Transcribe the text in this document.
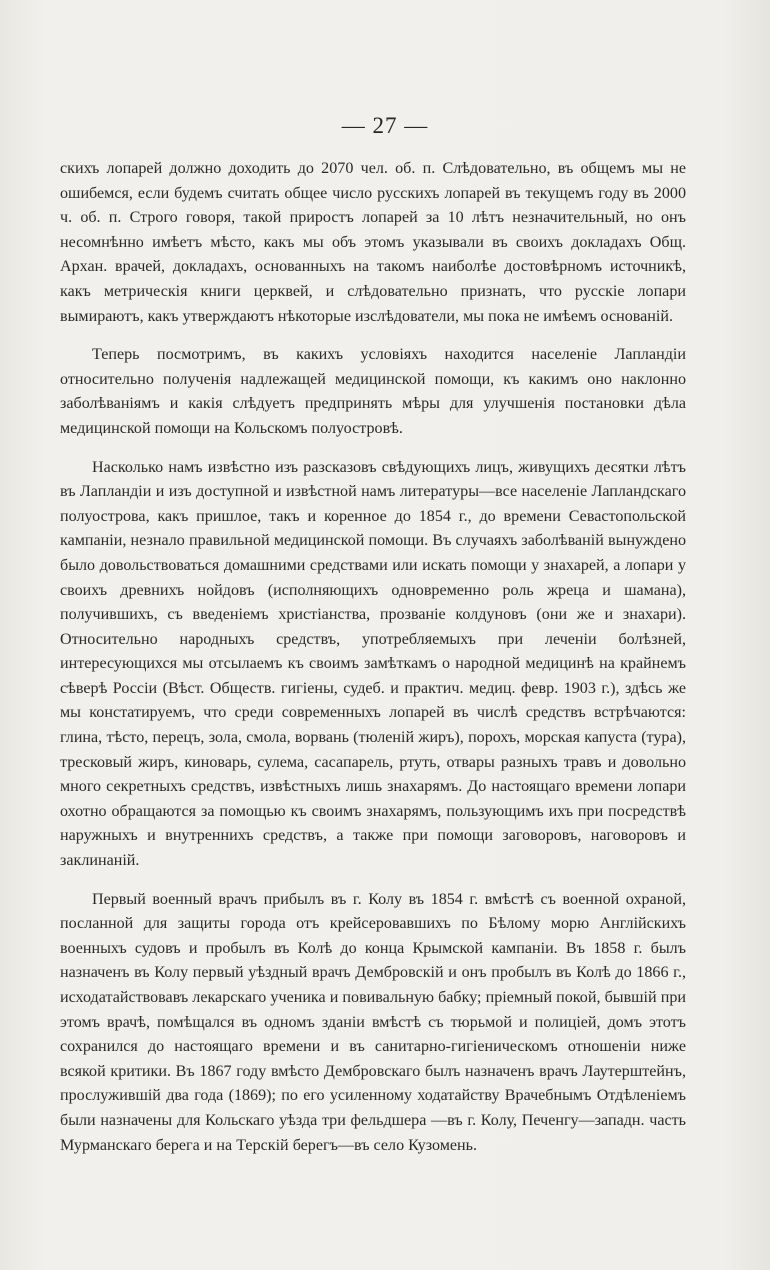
— 27 —

скихъ лопарей должно доходить до 2070 чел. об. п. Слѣдовательно, въ общемъ мы не ошибемся, если будемъ считать общее число русскихъ лопарей въ текущемъ году въ 2000 ч. об. п. Строго говоря, такой приростъ лопарей за 10 лѣтъ незначительный, но онъ несомнѣнно имѣетъ мѣсто, какъ мы объ этомъ указывали въ своихъ докладахъ Общ. Архан. врачей, докладахъ, основанныхъ на такомъ наиболѣе достовѣрномъ источникѣ, какъ метрическія книги церквей, и слѣдовательно признать, что русскіе лопари вымираютъ, какъ утверждаютъ нѣкоторые изслѣдователи, мы пока не имѣемъ основаній.

Теперь посмотримъ, въ какихъ условіяхъ находится населеніе Лапландіи относительно полученія надлежащей медицинской помощи, къ какимъ оно наклонно заболѣваніямъ и какія слѣдуетъ предпринять мѣры для улучшенія постановки дѣла медицинской помощи на Кольскомъ полуостровѣ.

Насколько намъ извѣстно изъ разсказовъ свѣдующихъ лицъ, живущихъ десятки лѣтъ въ Лапландіи и изъ доступной и извѣстной намъ литературы—все населеніе Лапландскаго полуострова, какъ пришлое, такъ и коренное до 1854 г., до времени Севастопольской кампаніи, незнало правильной медицинской помощи. Въ случаяхъ заболѣваній вынуждено было довольствоваться домашними средствами или искать помощи у знахарей, а лопари у своихъ древнихъ нойдовъ (исполняющихъ одновременно роль жреца и шамана), получившихъ, съ введеніемъ христіанства, прозваніе колдуновъ (они же и знахари). Относительно народныхъ средствъ, употребляемыхъ при леченіи болѣзней, интересующихся мы отсылаемъ къ своимъ замѣткамъ о народной медицинѣ на крайнемъ сѣверѣ Россіи (Вѣст. Обществ. гигіены, судеб. и практич. медиц. февр. 1903 г.), здѣсь же мы констатируемъ, что среди современныхъ лопарей въ числѣ средствъ встрѣчаются: глина, тѣсто, перецъ, зола, смола, ворвань (тюленій жиръ), порохъ, морская капуста (тура), тресковый жиръ, киноварь, сулема, сасапарель, ртуть, отвары разныхъ травъ и довольно много секретныхъ средствъ, извѣстныхъ лишь знахарямъ. До настоящаго времени лопари охотно обращаются за помощью къ своимъ знахарямъ, пользующимъ ихъ при посредствѣ наружныхъ и внутреннихъ средствъ, а также при помощи заговоровъ, наговоровъ и заклинаній.

Первый военный врачъ прибылъ въ г. Колу въ 1854 г. вмѣстѣ съ военной охраной, посланной для защиты города отъ крейсеровавшихъ по Бѣлому морю Англійскихъ военныхъ судовъ и пробылъ въ Колѣ до конца Крымской кампаніи. Въ 1858 г. былъ назначенъ въ Колу первый уѣздный врачъ Дембровскій и онъ пробылъ въ Колѣ до 1866 г., исходатайствовавъ лекарскаго ученика и повивальную бабку; пріемный покой, бывшій при этомъ врачѣ, помѣщался въ одномъ зданіи вмѣстѣ съ тюрьмой и полиціей, домъ этотъ сохранился до настоящаго времени и въ санитарно-гигіеническомъ отношеніи ниже всякой критики. Въ 1867 году вмѣсто Дембровскаго былъ назначенъ врачъ Лаутерштейнъ, прослужившій два года (1869); по его усиленному ходатайству Врачебнымъ Отдѣленіемъ были назначены для Кольскаго уѣзда три фельдшера —въ г. Колу, Печенгу—западн. часть Мурманскаго берега и на Терскій берегъ—въ село Кузомень.
